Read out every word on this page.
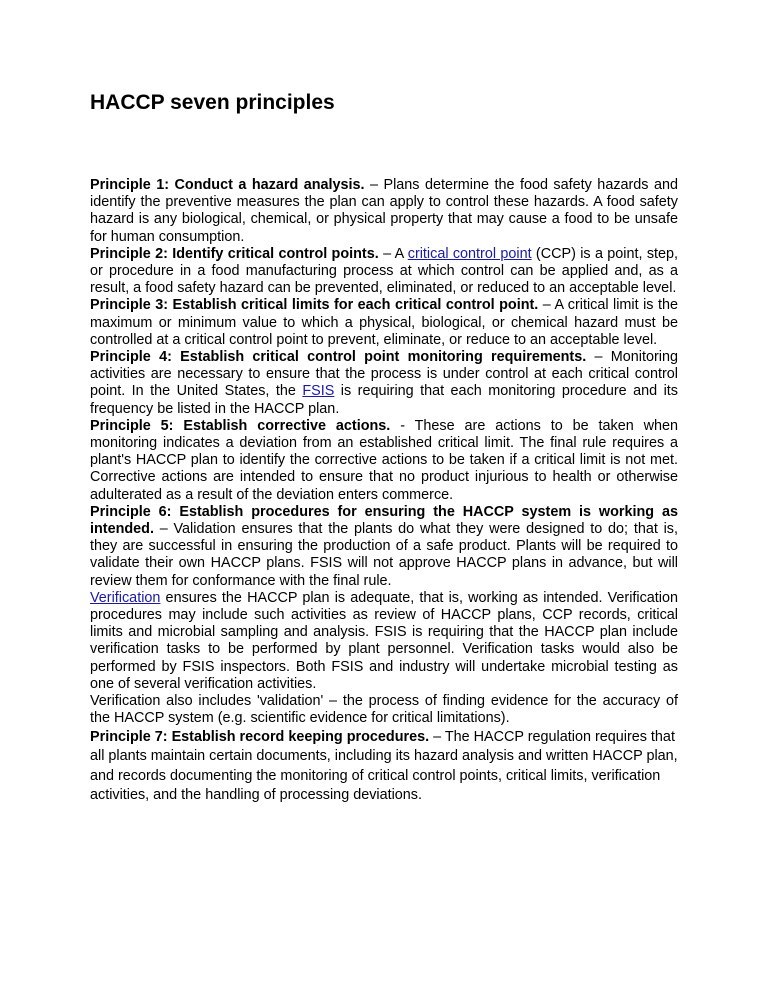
HACCP seven principles

Principle 1: Conduct a hazard analysis. – Plans determine the food safety hazards and identify the preventive measures the plan can apply to control these hazards. A food safety hazard is any biological, chemical, or physical property that may cause a food to be unsafe for human consumption.

Principle 2: Identify critical control points. – A critical control point (CCP) is a point, step, or procedure in a food manufacturing process at which control can be applied and, as a result, a food safety hazard can be prevented, eliminated, or reduced to an acceptable level.

Principle 3: Establish critical limits for each critical control point. – A critical limit is the maximum or minimum value to which a physical, biological, or chemical hazard must be controlled at a critical control point to prevent, eliminate, or reduce to an acceptable level.

Principle 4: Establish critical control point monitoring requirements. – Monitoring activities are necessary to ensure that the process is under control at each critical control point. In the United States, the FSIS is requiring that each monitoring procedure and its frequency be listed in the HACCP plan.

Principle 5: Establish corrective actions. - These are actions to be taken when monitoring indicates a deviation from an established critical limit. The final rule requires a plant's HACCP plan to identify the corrective actions to be taken if a critical limit is not met. Corrective actions are intended to ensure that no product injurious to health or otherwise adulterated as a result of the deviation enters commerce.

Principle 6: Establish procedures for ensuring the HACCP system is working as intended. – Validation ensures that the plants do what they were designed to do; that is, they are successful in ensuring the production of a safe product. Plants will be required to validate their own HACCP plans. FSIS will not approve HACCP plans in advance, but will review them for conformance with the final rule.

Verification ensures the HACCP plan is adequate, that is, working as intended. Verification procedures may include such activities as review of HACCP plans, CCP records, critical limits and microbial sampling and analysis. FSIS is requiring that the HACCP plan include verification tasks to be performed by plant personnel. Verification tasks would also be performed by FSIS inspectors. Both FSIS and industry will undertake microbial testing as one of several verification activities.

Verification also includes 'validation' – the process of finding evidence for the accuracy of the HACCP system (e.g. scientific evidence for critical limitations).

Principle 7: Establish record keeping procedures. – The HACCP regulation requires that all plants maintain certain documents, including its hazard analysis and written HACCP plan, and records documenting the monitoring of critical control points, critical limits, verification activities, and the handling of processing deviations.
